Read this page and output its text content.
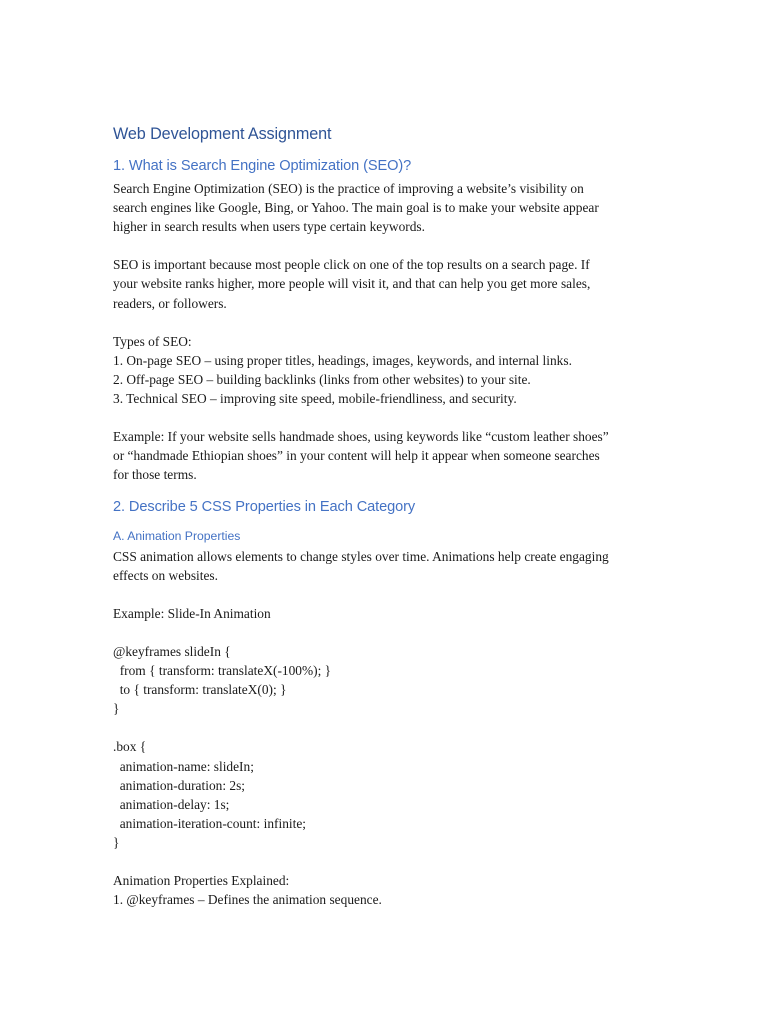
Web Development Assignment
1. What is Search Engine Optimization (SEO)?
Search Engine Optimization (SEO) is the practice of improving a website’s visibility on
search engines like Google, Bing, or Yahoo. The main goal is to make your website appear
higher in search results when users type certain keywords.
SEO is important because most people click on one of the top results on a search page. If
your website ranks higher, more people will visit it, and that can help you get more sales,
readers, or followers.
Types of SEO:
1. On-page SEO – using proper titles, headings, images, keywords, and internal links.
2. Off-page SEO – building backlinks (links from other websites) to your site.
3. Technical SEO – improving site speed, mobile-friendliness, and security.
Example: If your website sells handmade shoes, using keywords like “custom leather shoes”
or “handmade Ethiopian shoes” in your content will help it appear when someone searches
for those terms.
2. Describe 5 CSS Properties in Each Category
A. Animation Properties
CSS animation allows elements to change styles over time. Animations help create engaging
effects on websites.
Example: Slide-In Animation
@keyframes slideIn {
from { transform: translateX(-100%); }
to { transform: translateX(0); }
}
.box {
animation-name: slideIn;
animation-duration: 2s;
animation-delay: 1s;
animation-iteration-count: infinite;
}
Animation Properties Explained:
1. @keyframes – Defines the animation sequence.
